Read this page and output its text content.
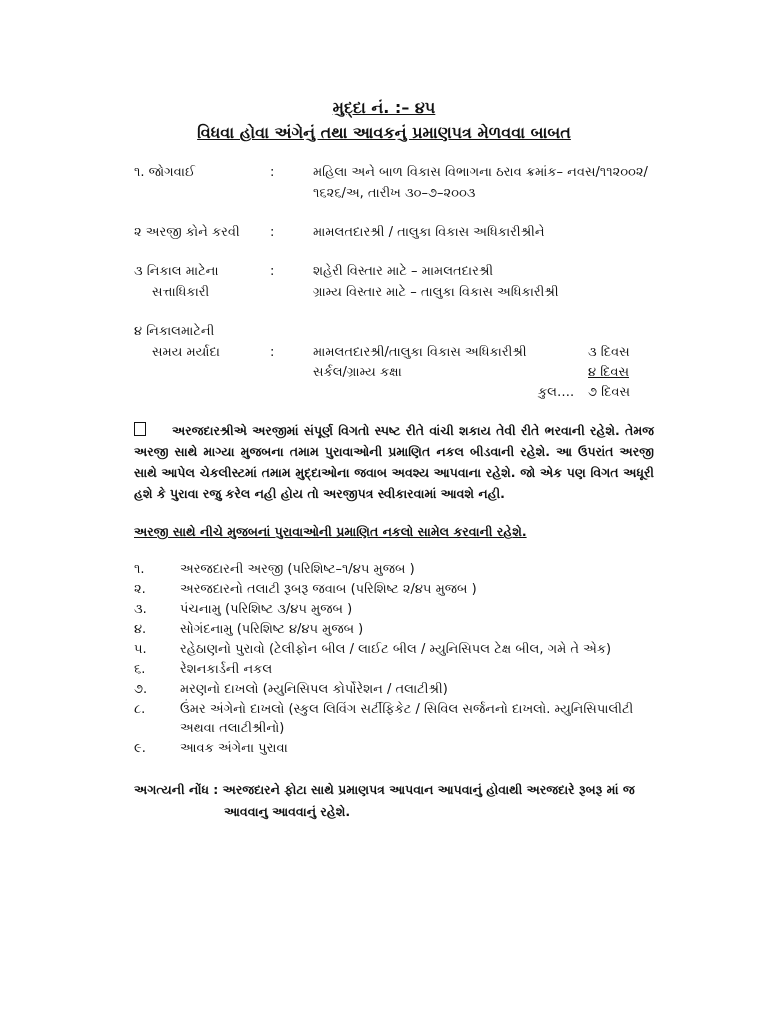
મુદ્દા નં. :– ૪૫
વિધવા હોવા અંગેનું તથા આવકનું પ્રમાણપત્ર મેળવવા બાબત
૧. જોગવાઈ	:	મહિલા અને બાળ વિકાસ વિભાગના ઠરાવ ક્રમાંક– નવસ/૧૧૨૦૦૨/
૧૬૨૬/અ, તારીખ ૩૦–૭–૨૦૦૩
૨ અરજી કોને કરવી :	મામલતદારશ્રી / તાલુકા વિકાસ અધિકારીશ્રીને
૩ નિકાલ માટેના
સત્તાધિકારી
:	શહેરી વિસ્તાર માટે – મામલતદારશ્રી
ગ્રામ્ય વિસ્તાર માટે – તાલુકા વિકાસ અધિકારીશ્રી
૪ નિકાલમાટેની
સમય મર્યાદા	:	મામલતદારશ્રી/તાલુકા વિકાસ અધિકારીશ્રી	૩ દિવસ
સર્કલ/ગ્રામ્ય કક્ષા	૪ દિવસ
કુલ…. ૭ દિવસ
અરજદારશ્રીએ અરજીમાં સંપૂર્ણ વિગતો સ્પષ્ટ રીતે વાંચી શકાય તેવી રીતે ભરવાની રહેશે. તેમજ અરજી સાથે માગ્યા મુજબના તમામ પુરાવાઓની પ્રમાણિત નકલ બીડવાની રહેશે. આ ઉપરાંત અરજી સાથે આપેલ ચેકલીસ્ટમાં તમામ મુદ્દાઓના જવાબ અવશ્ય આપવાના રહેશે. જો એક પણ વિગત અધૂરી હશે કે પુરાવા રજુ કરેલ નહી હોય તો અરજીપત્ર સ્વીકારવામાં આવશે નહી.
અરજી સાથે નીચે મુજબનાં પુરાવાઓની પ્રમાણિત નકલો સામેલ કરવાની રહેશે.
૧.	અરજદારની અરજી (પરિશિષ્ટ–૧/૪૫ મુજબ )
૨.	અરજદારનો તલાટી રૂબરૂ જવાબ (પરિશિષ્ટ ૨/૪૫ મુજબ )
૩.	પંચનામુ (પરિશિષ્ટ ૩/૪૫ મુજબ )
૪.	સોગંદનામુ (પરિશિષ્ટ ૪/૪૫ મુજબ )
૫.	રહેઠાણનો પુરાવો (ટેલીફોન બીલ / લાઈટ બીલ / મ્યુનિસિપલ ટેક્ષ બીલ, ગમે તે એક)
૬.	રેશનકાર્ડની નકલ
૭.	મરણનો દાખલો (મ્યુનિસિપલ કોર્પોરેશન / તલાટીશ્રી)
૮.	ઉંમર અંગેનો દાખલો (સ્કુલ લિવિંગ સર્ટીફિકેટ / સિવિલ સર્જનનો દાખલો. મ્યુનિસિપાલીટી
અથવા તલાટીશ્રીનો)
૯.	આવક અંગેના પુરાવા
અગત્યની નોંધ : અરજદારને ફોટા સાથે પ્રમાણપત્ર આપવાન આપવાનું હોવાથી અરજદારે રૂબરૂ માં જ
આવવાનુ આવવાનું રહેશે.
